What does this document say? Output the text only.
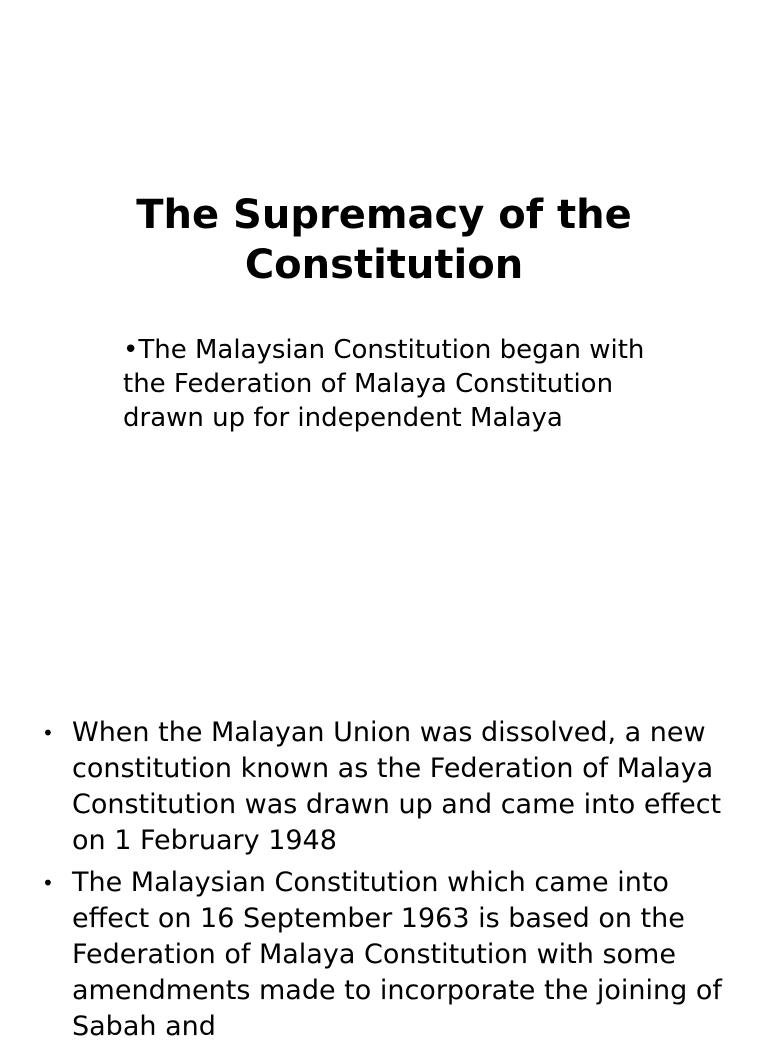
The Supremacy of the
Constitution

•The Malaysian Constitution began with the Federation of Malaya Constitution drawn up for independent Malaya

• When the Malayan Union was dissolved, a new constitution known as the Federation of Malaya Constitution was drawn up and came into effect on 1 February 1948
• The Malaysian Constitution which came into effect on 16 September 1963 is based on the Federation of Malaya Constitution with some amendments made to incorporate the joining of Sabah and
